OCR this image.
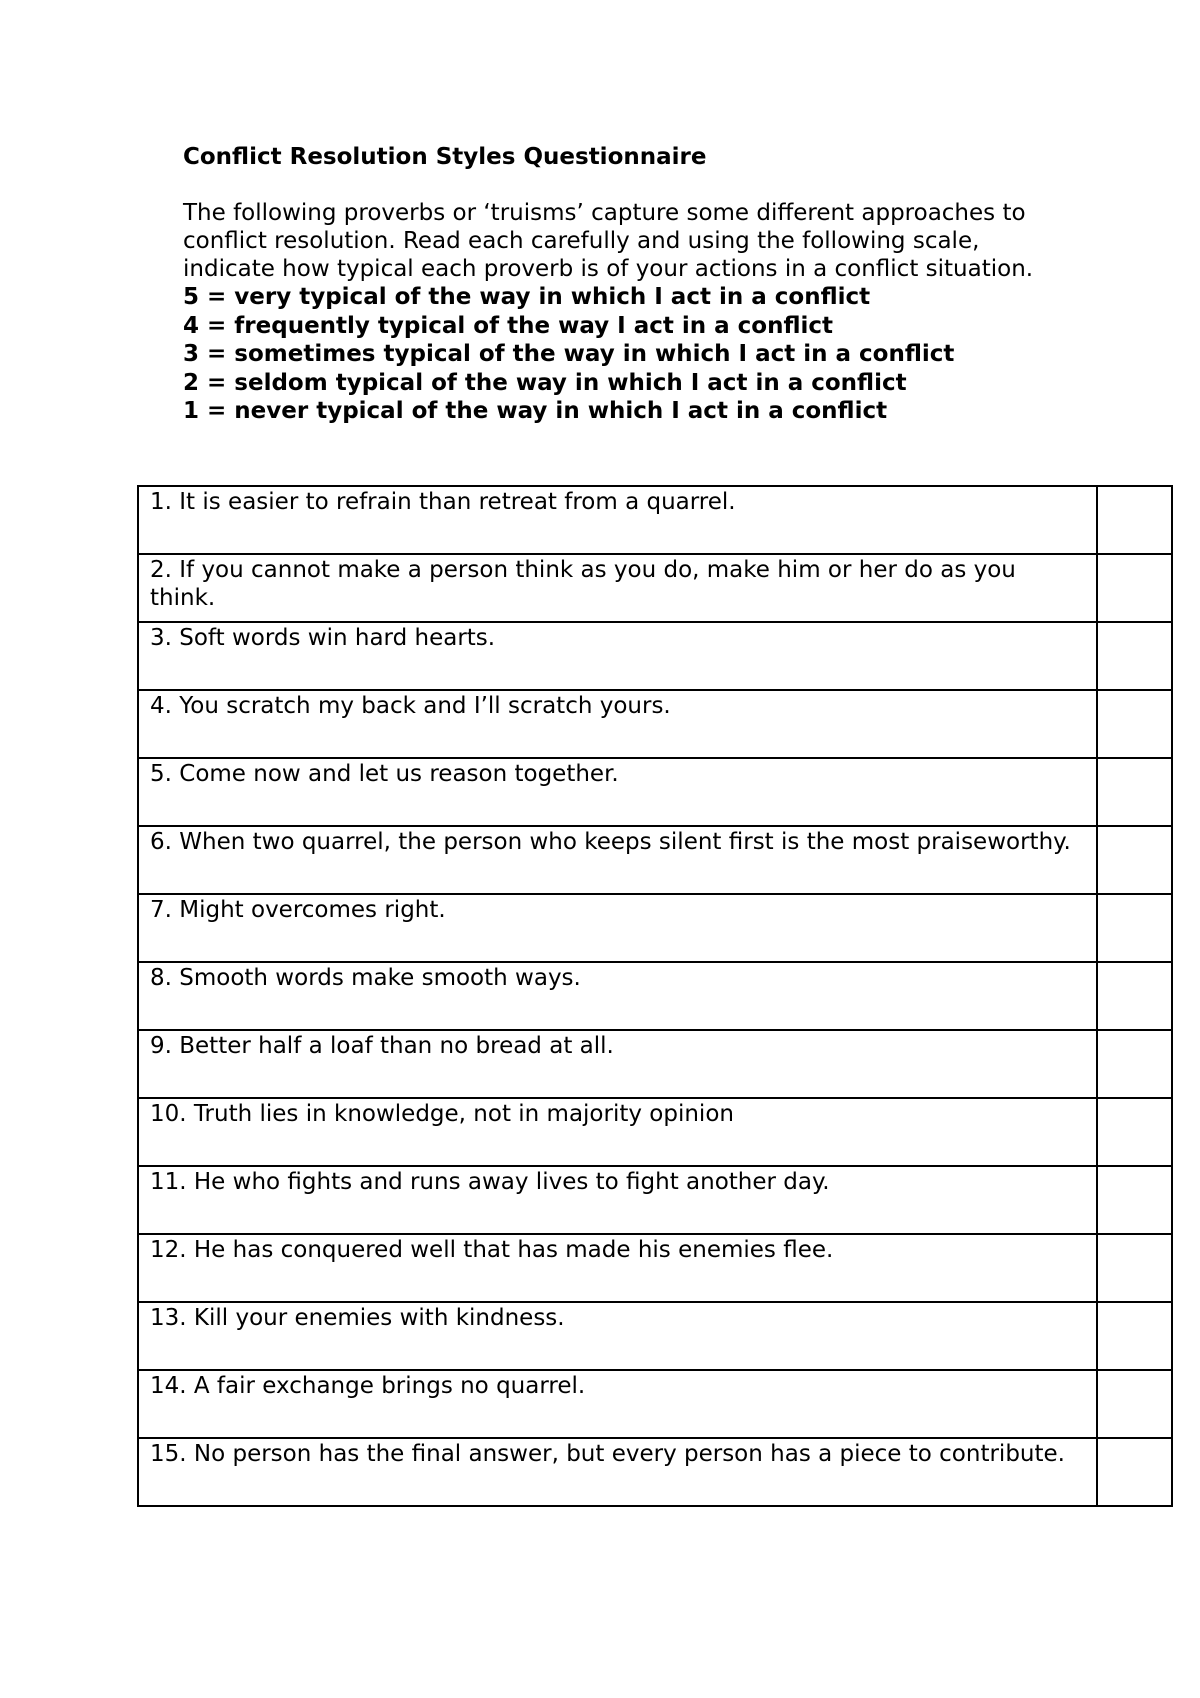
Conflict Resolution Styles Questionnaire

The following proverbs or ‘truisms’ capture some different approaches to conflict resolution. Read each carefully and using the following scale, indicate how typical each proverb is of your actions in a conflict situation.
5 = very typical of the way in which I act in a conflict
4 = frequently typical of the way I act in a conflict
3 = sometimes typical of the way in which I act in a conflict
2 = seldom typical of the way in which I act in a conflict
1 = never typical of the way in which I act in a conflict
1. It is easier to refrain than retreat from a quarrel.	
2. If you cannot make a person think as you do, make him or her do as you think.	
3. Soft words win hard hearts.	
4. You scratch my back and I’ll scratch yours.	
5. Come now and let us reason together.	
6. When two quarrel, the person who keeps silent first is the most praiseworthy.	
7. Might overcomes right.	
8. Smooth words make smooth ways.	
9. Better half a loaf than no bread at all.	
10. Truth lies in knowledge, not in majority opinion	
11. He who fights and runs away lives to fight another day.	
12. He has conquered well that has made his enemies flee.	
13. Kill your enemies with kindness.	
14. A fair exchange brings no quarrel.	
15. No person has the final answer, but every person has a piece to contribute.	
